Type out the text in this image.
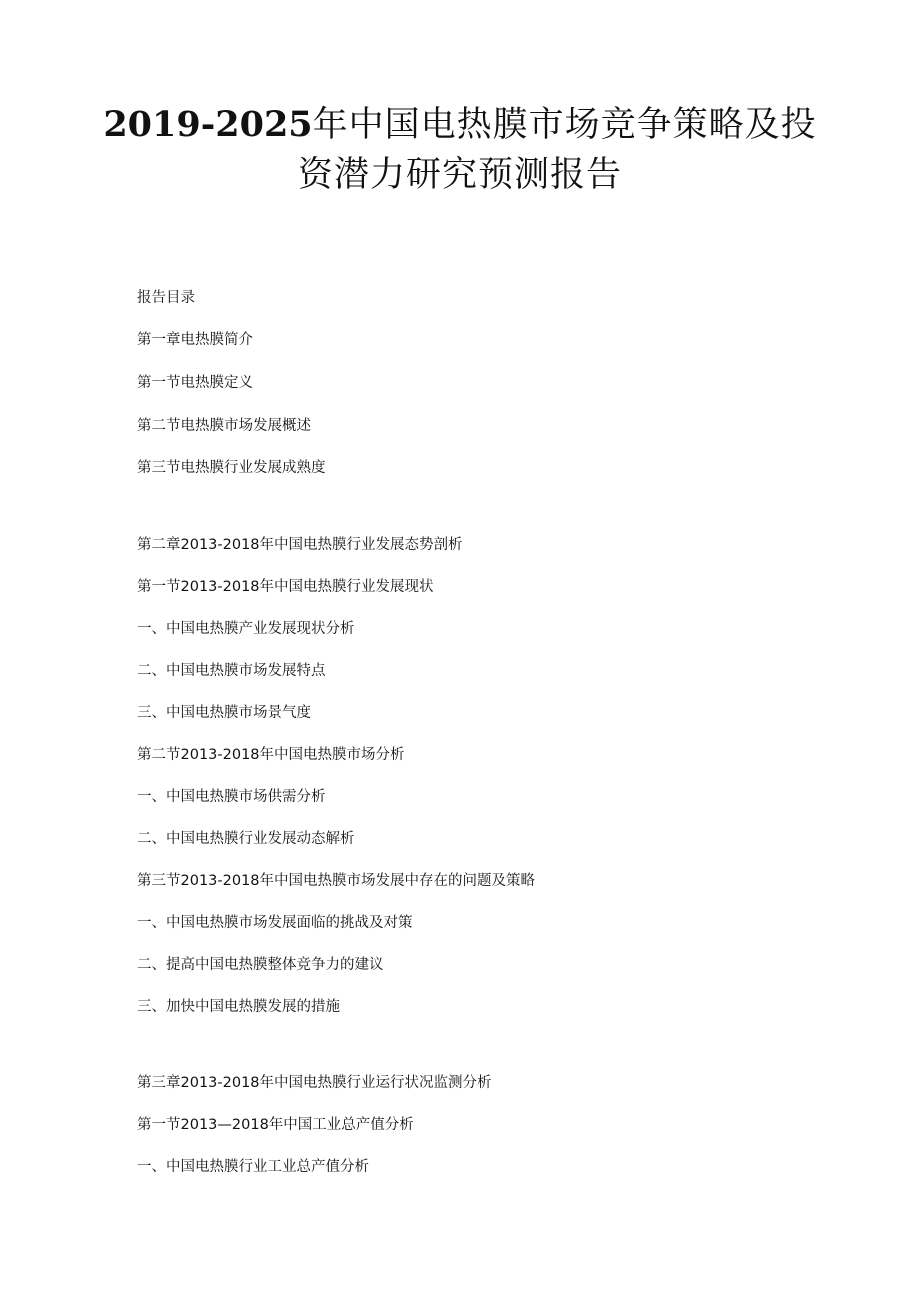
2019-2025年中国电热膜市场竞争策略及投
资潜力研究预测报告
报告目录
第一章电热膜简介
第一节电热膜定义
第二节电热膜市场发展概述
第三节电热膜行业发展成熟度
第二章2013-2018年中国电热膜行业发展态势剖析
第一节2013-2018年中国电热膜行业发展现状
一、中国电热膜产业发展现状分析
二、中国电热膜市场发展特点
三、中国电热膜市场景气度
第二节2013-2018年中国电热膜市场分析
一、中国电热膜市场供需分析
二、中国电热膜行业发展动态解析
第三节2013-2018年中国电热膜市场发展中存在的问题及策略
一、中国电热膜市场发展面临的挑战及对策
二、提高中国电热膜整体竞争力的建议
三、加快中国电热膜发展的措施
第三章2013-2018年中国电热膜行业运行状况监测分析
第一节2013—2018年中国工业总产值分析
一、中国电热膜行业工业总产值分析
